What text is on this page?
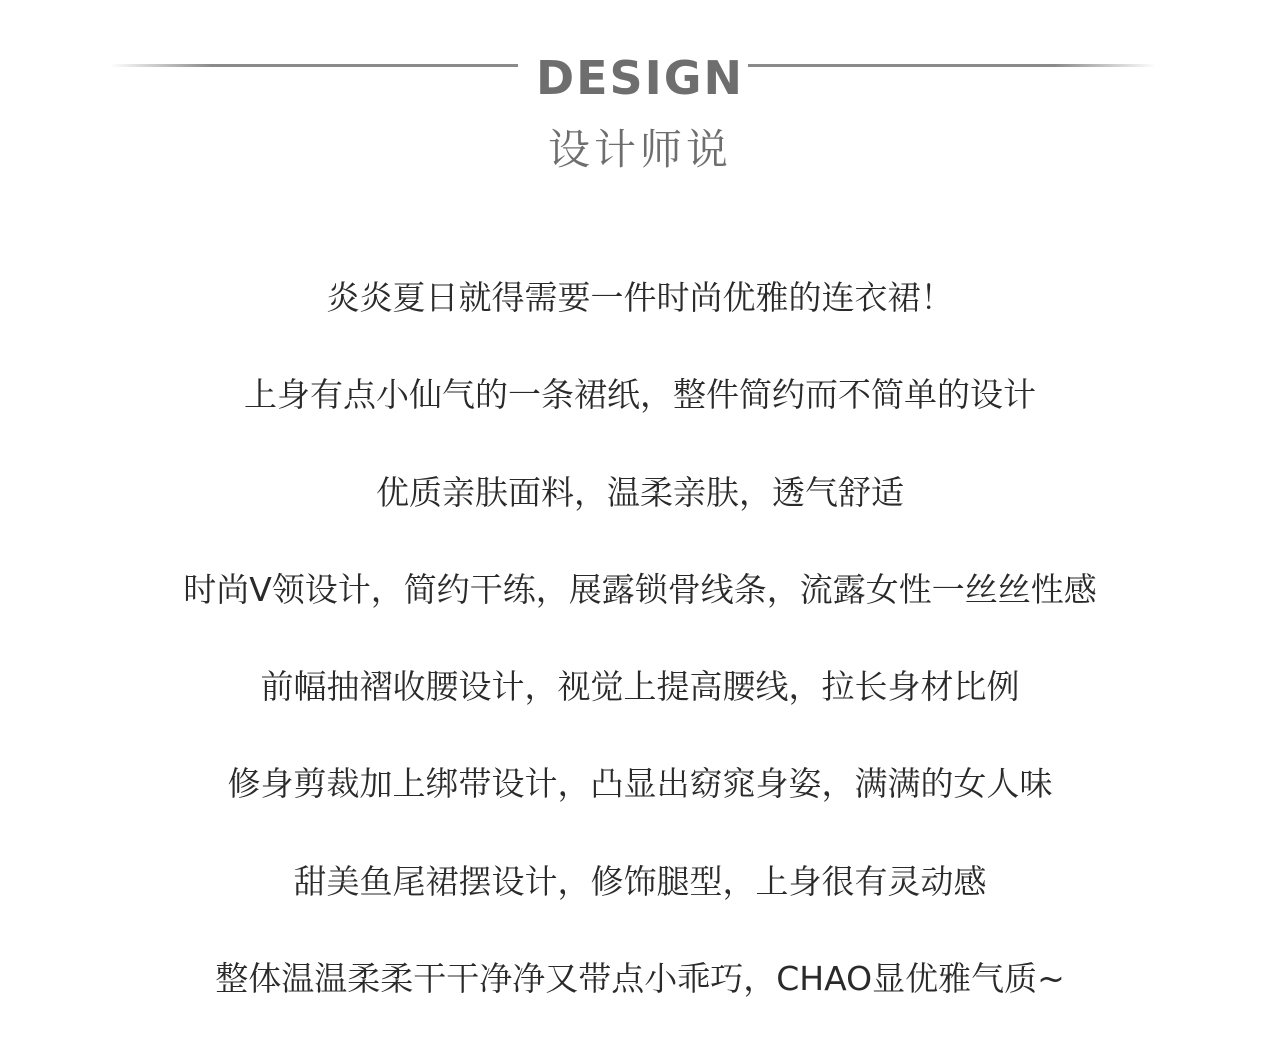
DESIGN
设计师说
炎炎夏日就得需要一件时尚优雅的连衣裙！
上身有点小仙气的一条裙纸，整件简约而不简单的设计
优质亲肤面料，温柔亲肤，透气舒适
时尚V领设计，简约干练，展露锁骨线条，流露女性一丝丝性感
前幅抽褶收腰设计，视觉上提高腰线，拉长身材比例
修身剪裁加上绑带设计，凸显出窈窕身姿，满满的女人味
甜美鱼尾裙摆设计，修饰腿型，上身很有灵动感
整体温温柔柔干干净净又带点小乖巧，CHAO显优雅气质~
